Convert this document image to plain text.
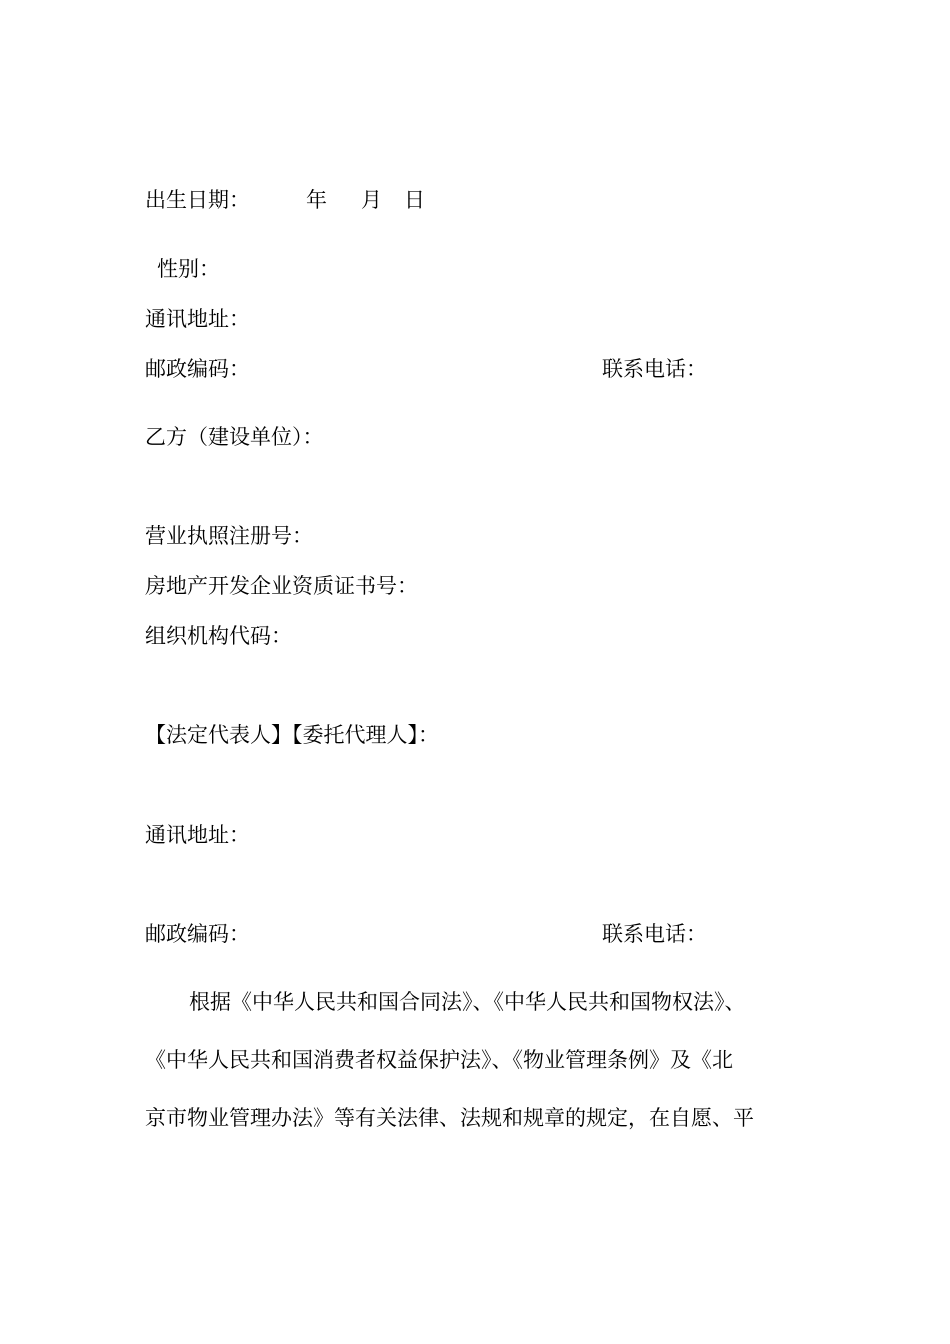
出生日期：	年 月 日
性别：
通讯地址：
邮政编码：	联系电话：
乙方（建设单位）：
营业执照注册号：
房地产开发企业资质证书号：
组织机构代码：
【法定代表人】【委托代理人】：
通讯地址：
邮政编码：	联系电话：
根据《中华人民共和国合同法》、《中华人民共和国物权法》、
《中华人民共和国消费者权益保护法》、《物业管理条例》及《北
京市物业管理办法》等有关法律、法规和规章的规定，在自愿、平
